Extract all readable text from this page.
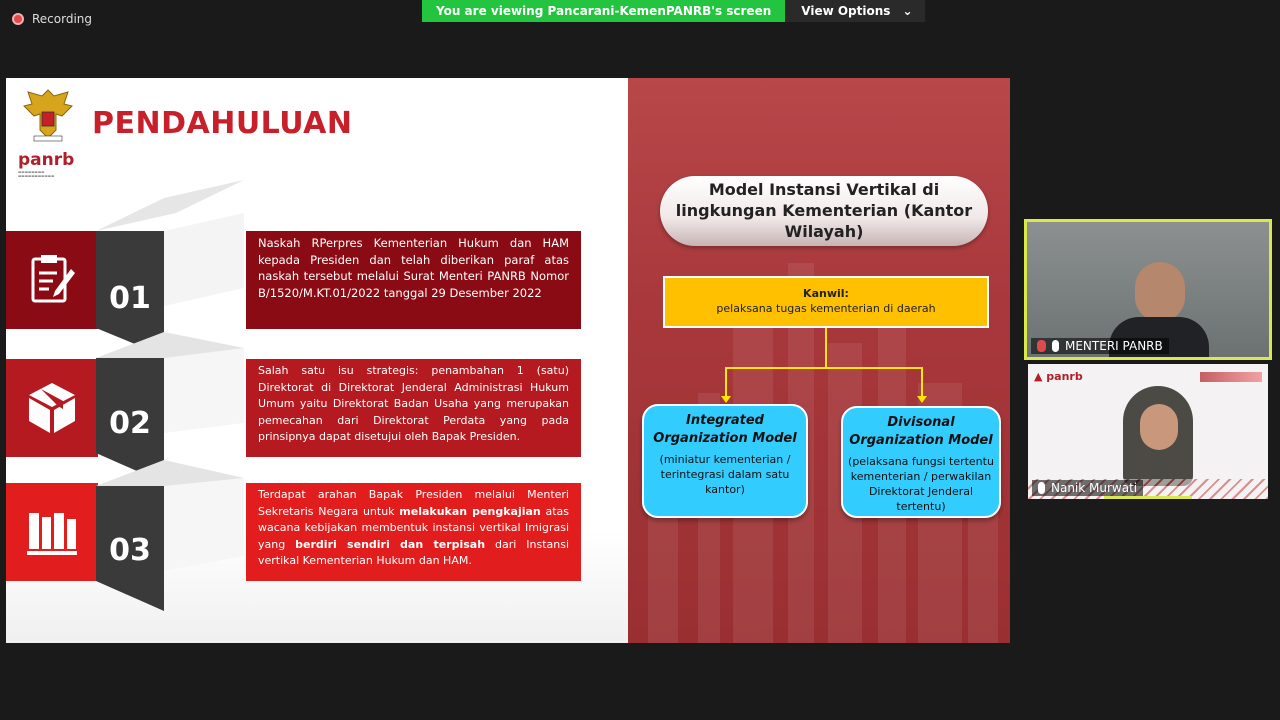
Recording
You are viewing Pancarani-KemenPANRB's screen	View Options ⌄
panrb
▬▬▬▬▬▬▬▬
▬▬▬▬▬▬▬▬▬▬▬
PENDAHULUAN
01
Naskah RPerpres Kementerian Hukum dan HAM kepada Presiden dan telah diberikan paraf atas naskah tersebut melalui Surat Menteri PANRB Nomor B/1520/M.KT.01/2022 tanggal 29 Desember 2022
02
Salah satu isu strategis: penambahan 1 (satu) Direktorat di Direktorat Jenderal Administrasi Hukum Umum yaitu Direktorat Badan Usaha yang merupakan pemecahan dari Direktorat Perdata yang pada prinsipnya dapat disetujui oleh Bapak Presiden.
03
Terdapat arahan Bapak Presiden melalui Menteri Sekretaris Negara untuk melakukan pengkajian atas wacana kebijakan membentuk instansi vertikal Imigrasi yang berdiri sendiri dan terpisah dari Instansi vertikal Kementerian Hukum dan HAM.
Model Instansi Vertikal di lingkungan Kementerian (Kantor Wilayah)
Kanwil:
pelaksana tugas kementerian di daerah
Integrated Organization Model
(miniatur kementerian / terintegrasi dalam satu kantor)
Divisonal Organization Model
(pelaksana fungsi tertentu kementerian / perwakilan Direktorat Jenderal tertentu)
MENTERI PANRB
▲ panrb
Nanik Murwati
